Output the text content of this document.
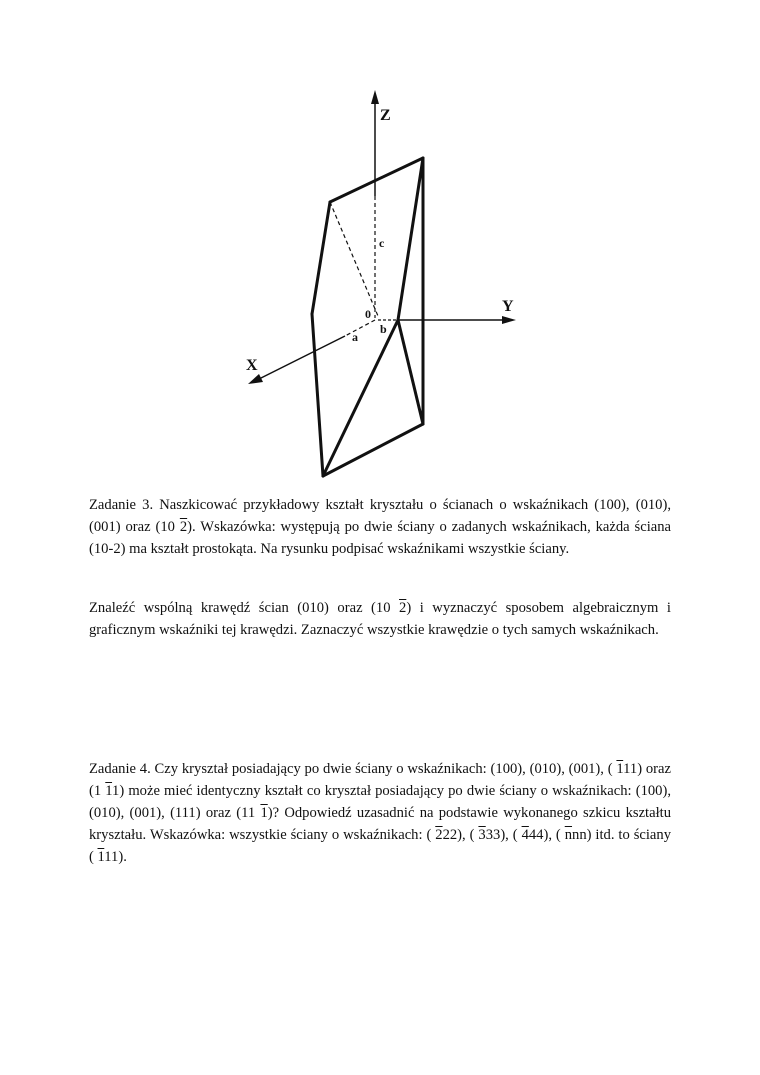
Z
Y
X
c
0
b
a

Zadanie 3. Naszkicować przykładowy kształt kryształu o ścianach o wskaźnikach (100), (010), (001) oraz (10 2). Wskazówka: występują po dwie ściany o zadanych wskaźnikach, każda ściana (10-2) ma kształt prostokąta. Na rysunku podpisać wskaźnikami wszystkie ściany.

Znaleźć wspólną krawędź ścian (010) oraz (10 2) i wyznaczyć sposobem algebraicznym i graficznym wskaźniki tej krawędzi. Zaznaczyć wszystkie krawędzie o tych samych wskaźnikach.

Zadanie 4. Czy kryształ posiadający po dwie ściany o wskaźnikach: (100), (010), (001), ( 111) oraz (1 11) może mieć identyczny kształt co kryształ posiadający po dwie ściany o wskaźnikach: (100), (010), (001), (111) oraz (11 1)? Odpowiedź uzasadnić na podstawie wykonanego szkicu kształtu kryształu. Wskazówka: wszystkie ściany o wskaźnikach: ( 222), ( 333), ( 444), ( $\overline{n}nn$) itd. to ściany ( 111).
